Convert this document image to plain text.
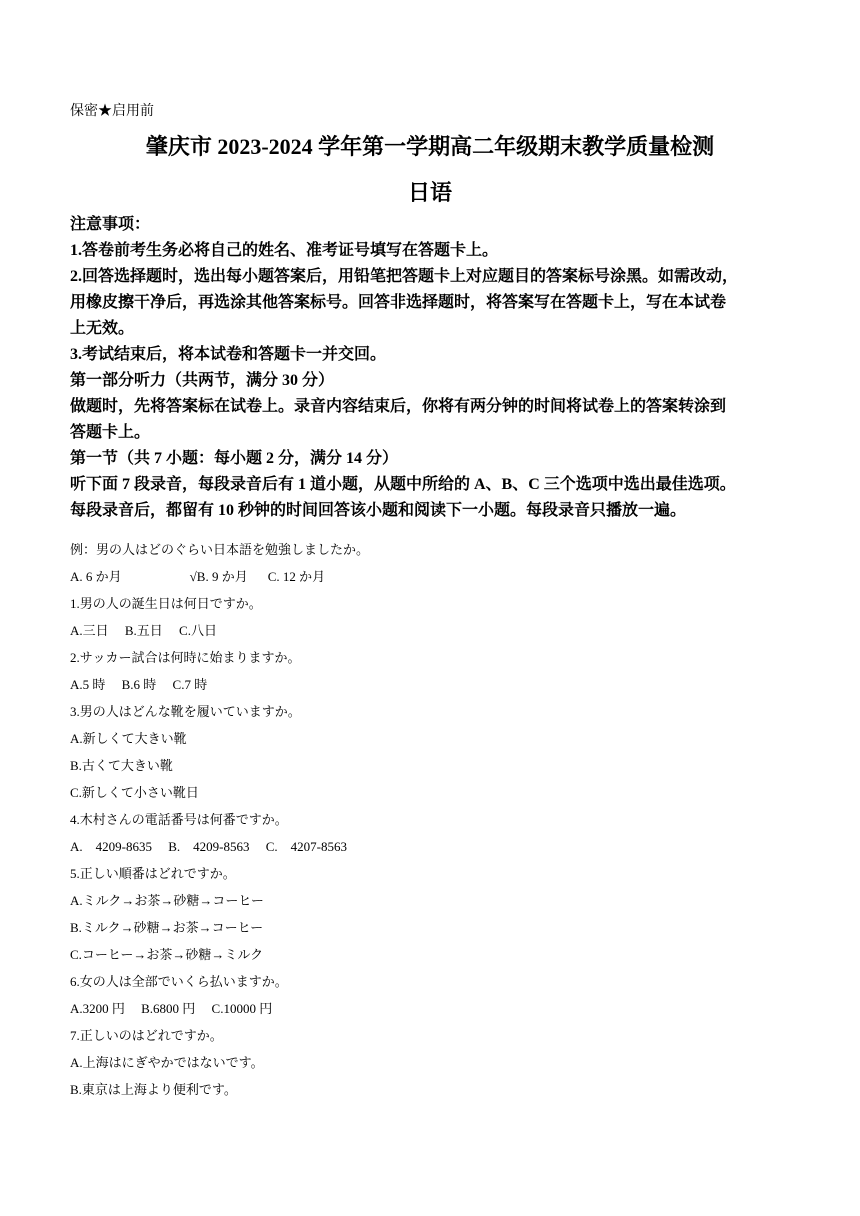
保密★启用前
肇庆市 2023-2024 学年第一学期高二年级期末教学质量检测
日语

注意事项：

1.答卷前考生务必将自己的姓名、准考证号填写在答题卡上。

2.回答选择题时，选出每小题答案后，用铅笔把答题卡上对应题目的答案标号涂黑。如需改动，

用橡皮擦干净后，再选涂其他答案标号。回答非选择题时，将答案写在答题卡上，写在本试卷

上无效。

3.考试结束后，将本试卷和答题卡一并交回。

第一部分听力（共两节，满分 30 分）

做题时，先将答案标在试卷上。录音内容结束后，你将有两分钟的时间将试卷上的答案转涂到

答题卡上。

第一节（共 7 小题：每小题 2 分，满分 14 分）

听下面 7 段录音，每段录音后有 1 道小题，从题中所给的 A、B、C 三个选项中选出最佳选项。

每段录音后，都留有 10 秒钟的时间回答该小题和阅读下一小题。每段录音只播放一遍。

例：男の人はどのぐらい日本語を勉強しましたか。

A. 6 か月	√B. 9 か月 C. 12 か月

1.男の人の誕生日は何日ですか。

A.三日　 B.五日　 C.八日

2.サッカー試合は何時に始まりますか。

A.5 時　 B.6 時　 C.7 時

3.男の人はどんな靴を履いていますか。

A.新しくて大きい靴

B.古くて大きい靴

C.新しくて小さい靴日

4.木村さんの電話番号は何番ですか。

A.　4209-8635　 B.　4209-8563　 C.　4207-8563

5.正しい順番はどれですか。

A.ミルク→お茶→砂糖→コーヒー

B.ミルク→砂糖→お茶→コーヒー

C.コーヒー→お茶→砂糖→ミルク

6.女の人は全部でいくら払いますか。

A.3200 円　 B.6800 円　 C.10000 円

7.正しいのはどれですか。

A.上海はにぎやかではないです。

B.東京は上海より便利です。
